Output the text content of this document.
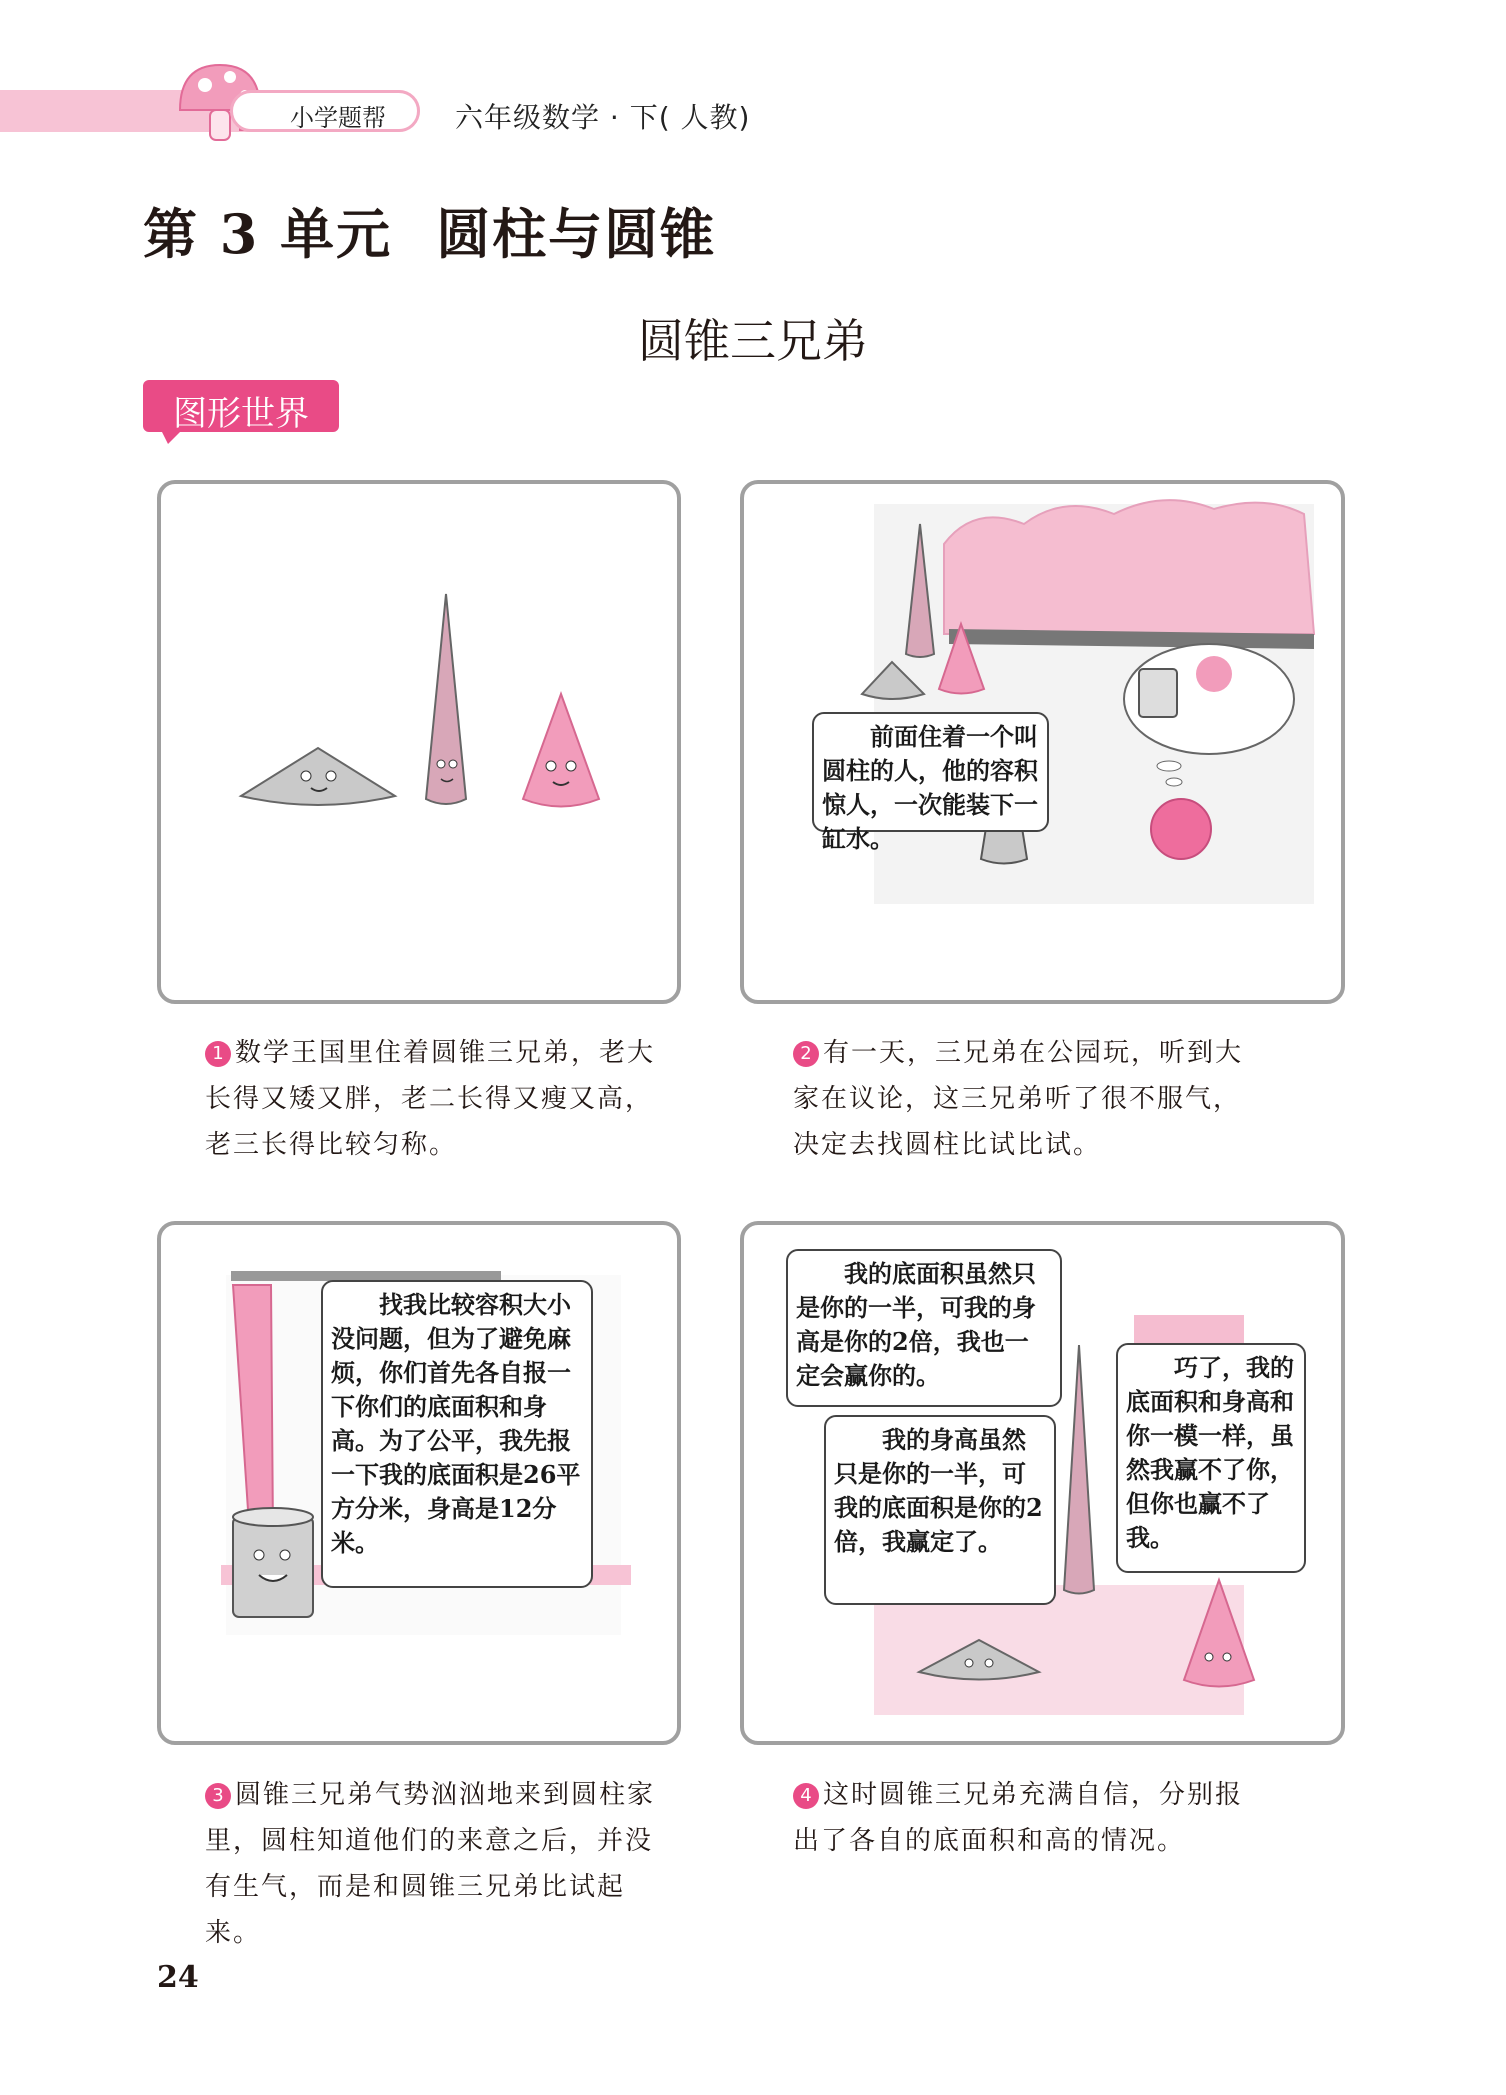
小学题帮 六年级数学 · 下( 人教)
第 3 单元 圆柱与圆锥
圆锥三兄弟
图形世界
前面住着一个叫圆柱的人，他的容积惊人，一次能装下一缸水。
1 数学王国里住着圆锥三兄弟，老大长得又矮又胖，老二长得又瘦又高，老三长得比较匀称。
2 有一天，三兄弟在公园玩，听到大家在议论，这三兄弟听了很不服气，决定去找圆柱比试比试。
找我比较容积大小没问题，但为了避免麻烦，你们首先各自报一下你们的底面积和身高。为了公平，我先报一下我的底面积是26平方分米，身高是12分米。
我的底面积虽然只是你的一半，可我的身高是你的2倍，我也一定会赢你的。
我的身高虽然只是你的一半，可我的底面积是你的2倍，我赢定了。
巧了，我的底面积和身高和你一模一样，虽然我赢不了你，但你也赢不了我。
3 圆锥三兄弟气势汹汹地来到圆柱家里，圆柱知道他们的来意之后，并没有生气，而是和圆锥三兄弟比试起来。
4 这时圆锥三兄弟充满自信，分别报出了各自的底面积和高的情况。
24
